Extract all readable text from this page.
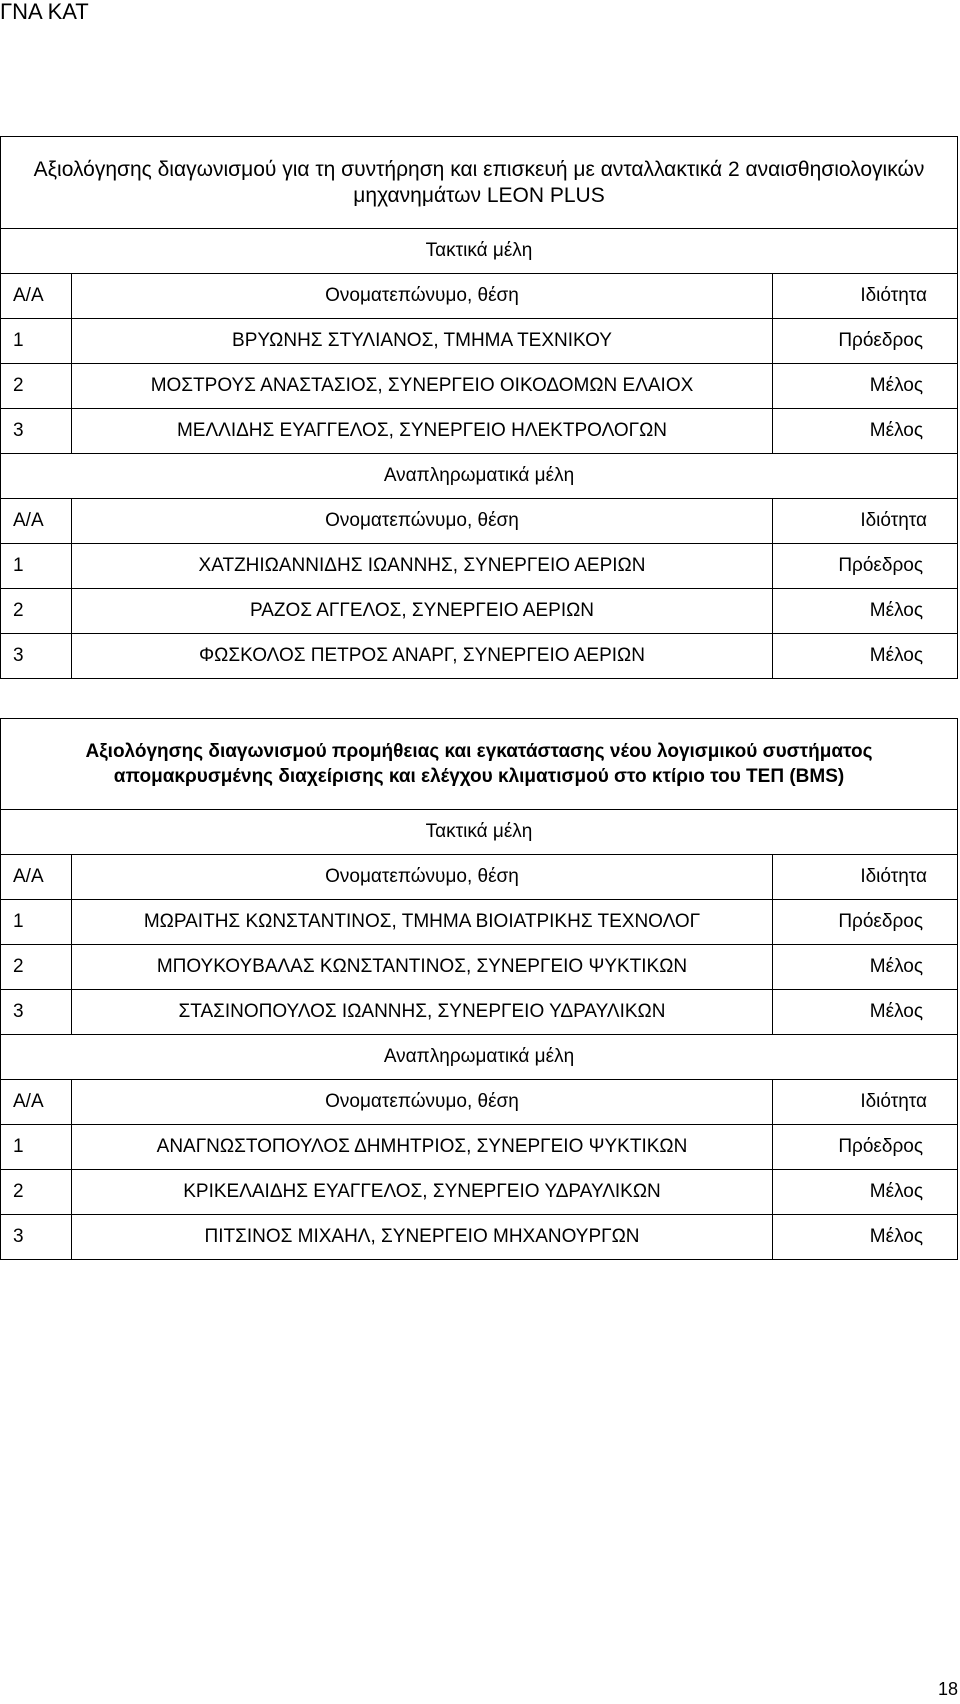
ΓΝΑ ΚΑΤ
Αξιολόγησης διαγωνισμού για τη συντήρηση και επισκευή με ανταλλακτικά 2 αναισθησιολογικών μηχανημάτων LEON PLUS		
Τακτικά μέλη		
Α/Α	Ονοματεπώνυμο, θέση	Ιδιότητα
1	ΒΡΥΩΝΗΣ ΣΤΥΛΙΑΝΟΣ, ΤΜΗΜΑ ΤΕΧΝΙΚΟΥ	Πρόεδρος
2	ΜΟΣΤΡΟΥΣ ΑΝΑΣΤΑΣΙΟΣ, ΣΥΝΕΡΓΕΙΟ ΟΙΚΟΔΟΜΩΝ ΕΛΑΙΟΧ	Μέλος
3	ΜΕΛΛΙΔΗΣ ΕΥΑΓΓΕΛΟΣ, ΣΥΝΕΡΓΕΙΟ ΗΛΕΚΤΡΟΛΟΓΩΝ	Μέλος
Αναπληρωματικά μέλη		
Α/Α	Ονοματεπώνυμο, θέση	Ιδιότητα
1	ΧΑΤΖΗΙΩΑΝΝΙΔΗΣ ΙΩΑΝΝΗΣ, ΣΥΝΕΡΓΕΙΟ ΑΕΡΙΩΝ	Πρόεδρος
2	ΡΑΖΟΣ ΑΓΓΕΛΟΣ, ΣΥΝΕΡΓΕΙΟ ΑΕΡΙΩΝ	Μέλος
3	ΦΩΣΚΟΛΟΣ ΠΕΤΡΟΣ ΑΝΑΡΓ, ΣΥΝΕΡΓΕΙΟ ΑΕΡΙΩΝ	Μέλος
Αξιολόγησης διαγωνισμού προμήθειας και εγκατάστασης νέου λογισμικού συστήματος απομακρυσμένης διαχείρισης και ελέγχου κλιματισμού στο κτίριο του ΤΕΠ (BMS)		
Τακτικά μέλη		
Α/Α	Ονοματεπώνυμο, θέση	Ιδιότητα
1	ΜΩΡΑΙΤΗΣ ΚΩΝΣΤΑΝΤΙΝΟΣ, ΤΜΗΜΑ ΒΙΟΙΑΤΡΙΚΗΣ ΤΕΧΝΟΛΟΓ	Πρόεδρος
2	ΜΠΟΥΚΟΥΒΑΛΑΣ ΚΩΝΣΤΑΝΤΙΝΟΣ, ΣΥΝΕΡΓΕΙΟ ΨΥΚΤΙΚΩΝ	Μέλος
3	ΣΤΑΣΙΝΟΠΟΥΛΟΣ ΙΩΑΝΝΗΣ, ΣΥΝΕΡΓΕΙΟ ΥΔΡΑΥΛΙΚΩΝ	Μέλος
Αναπληρωματικά μέλη		
Α/Α	Ονοματεπώνυμο, θέση	Ιδιότητα
1	ΑΝΑΓΝΩΣΤΟΠΟΥΛΟΣ ΔΗΜΗΤΡΙΟΣ, ΣΥΝΕΡΓΕΙΟ ΨΥΚΤΙΚΩΝ	Πρόεδρος
2	ΚΡΙΚΕΛΑΙΔΗΣ ΕΥΑΓΓΕΛΟΣ, ΣΥΝΕΡΓΕΙΟ ΥΔΡΑΥΛΙΚΩΝ	Μέλος
3	ΠΙΤΣΙΝΟΣ ΜΙΧΑΗΛ, ΣΥΝΕΡΓΕΙΟ ΜΗΧΑΝΟΥΡΓΩΝ	Μέλος
18
